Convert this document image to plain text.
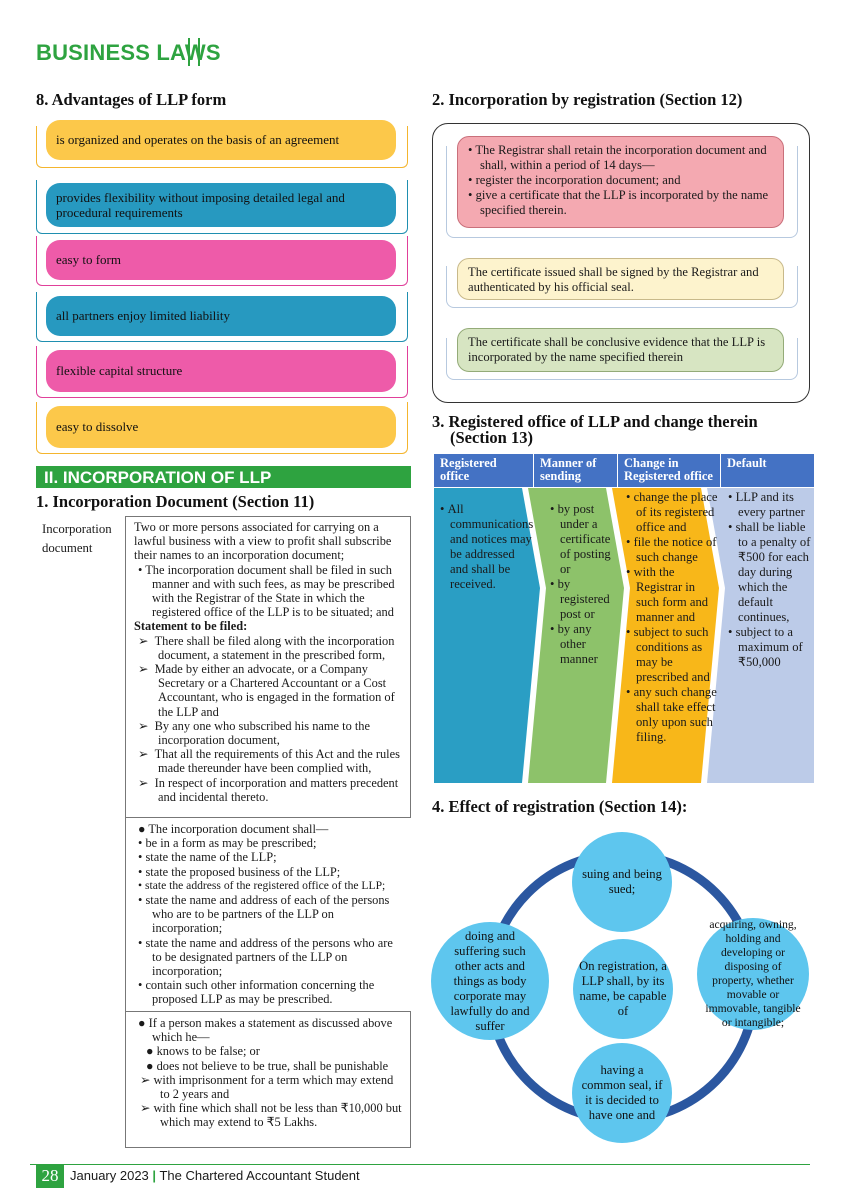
BUSINESS LAWS
8. Advantages of LLP form
is organized and operates on the basis of an agreement
provides flexibility without imposing detailed legal and procedural requirements
easy to form
all partners enjoy limited liability
flexible capital structure
easy to dissolve
II. INCORPORATION OF LLP
1. Incorporation Document (Section 11)
Incorporation document

Two or more persons associated for carrying on a lawful business with a view to profit shall subscribe their names to an incorporation document;

• The incorporation document shall be filed in such manner and with such fees, as may be prescribed with the Registrar of the State in which the registered office of the LLP is to be situated; and

Statement to be filed:

➢  There shall be filed along with the incorporation document, a statement in the prescribed form,

➢  Made by either an advocate, or a Company Secretary or a Chartered Accountant or a Cost Accountant, who is engaged in the formation of the LLP and

➢  By any one who subscribed his name to the incorporation document,

➢  That all the requirements of this Act and the rules made thereunder have been complied with,

➢  In respect of incorporation and matters precedent and incidental thereto.

● The incorporation document shall—

• be in a form as may be prescribed;

• state the name of the LLP;

• state the proposed business of the LLP;

• state the address of the registered office of the LLP;

• state the name and address of each of the persons who are to be partners of the LLP on incorporation;

• state the name and address of the persons who are to be designated partners of the LLP on incorporation;

• contain such other information concerning the proposed LLP as may be prescribed.

● If a person makes a statement as discussed above which he—

● knows to be false; or

● does not believe to be true, shall be punishable

➢ with imprisonment for a term which may extend to 2 years and

➢ with fine which shall not be less than ₹10,000 but which may extend to ₹5 Lakhs.

2. Incorporation by registration (Section 12)
• The Registrar shall retain the incorporation document and shall, within a period of 14 days—
• register the incorporation document; and
• give a certificate that the LLP is incorporated by the name specified therein.
The certificate issued shall be signed by the Registrar and authenticated by his official seal.
The certificate shall be conclusive evidence that the LLP is incorporated by the name specified therein
3. Registered office of LLP and change therein
(Section 13)
Registered office
Manner of sending
Change in Registered office
Default
• All communications and notices may be addressed and shall be received.
• by post under a certificate of posting or
• by registered post or
• by any other manner
• change the place of its registered office and
• file the notice of such change
• with the Registrar in such form and manner and
• subject to such conditions as may be prescribed and
• any such change shall take effect only upon such filing.
• LLP and its every partner
• shall be liable to a penalty of ₹500 for each day during which the default continues,
• subject to a maximum of ₹50,000
4. Effect of registration (Section 14):
suing and being sued;
On registration, a LLP shall, by its name, be capable of
acquiring, owning, holding and developing or disposing of property, whether movable or immovable, tangible or intangible;
having a common seal, if it is decided to have one and
doing and suffering such other acts and things as body corporate may lawfully do and suffer
28 January 2023 | The Chartered Accountant Student
